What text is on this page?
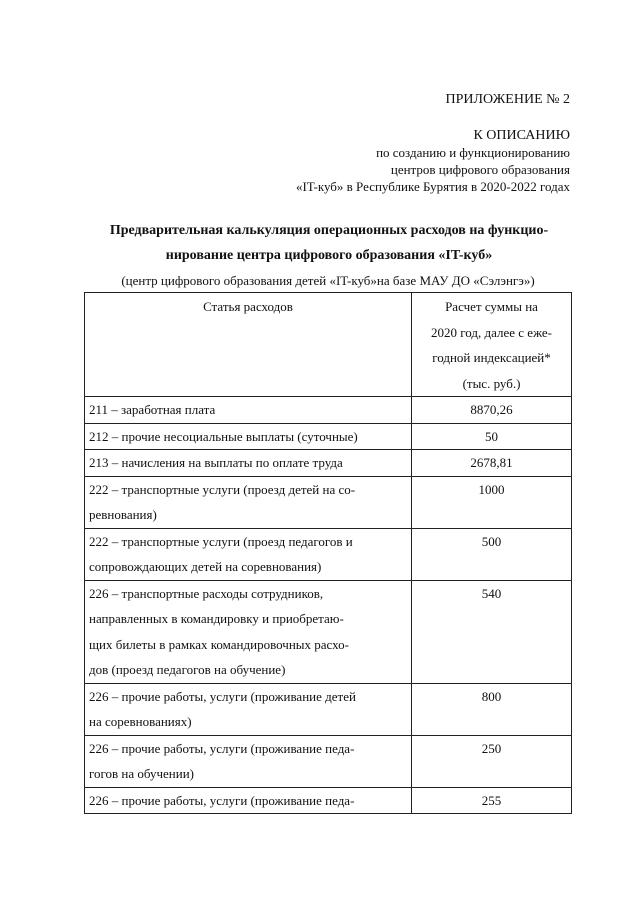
ПРИЛОЖЕНИЕ № 2
К ОПИСАНИЮ
по созданию и функционированию
центров цифрового образования
«IT-куб» в Республике Бурятия в 2020-2022 годах
Предварительная калькуляция операционных расходов на функцио-
нирование центра цифрового образования «IT-куб»
(центр цифрового образования детей «IT-куб»на базе МАУ ДО «Сэлэнгэ»)
Статья расходов	Расчет суммы на
2020 год, далее с еже-
годной индексацией*
(тыс. руб.)

211 – заработная плата	8870,26

212 – прочие несоциальные выплаты (суточные)	50

213 – начисления на выплаты по оплате труда	2678,81

222 – транспортные услуги (проезд детей на со-
ревнования)	1000

222 – транспортные услуги (проезд педагогов и
сопровождающих детей на соревнования)	500

226 – транспортные расходы сотрудников,
направленных в командировку и приобретаю-
щих билеты в рамках командировочных расхо-
дов (проезд педагогов на обучение)	540

226 – прочие работы, услуги (проживание детей
на соревнованиях)	800

226 – прочие работы, услуги (проживание педа-
гогов на обучении)	250

226 – прочие работы, услуги (проживание педа-	255
